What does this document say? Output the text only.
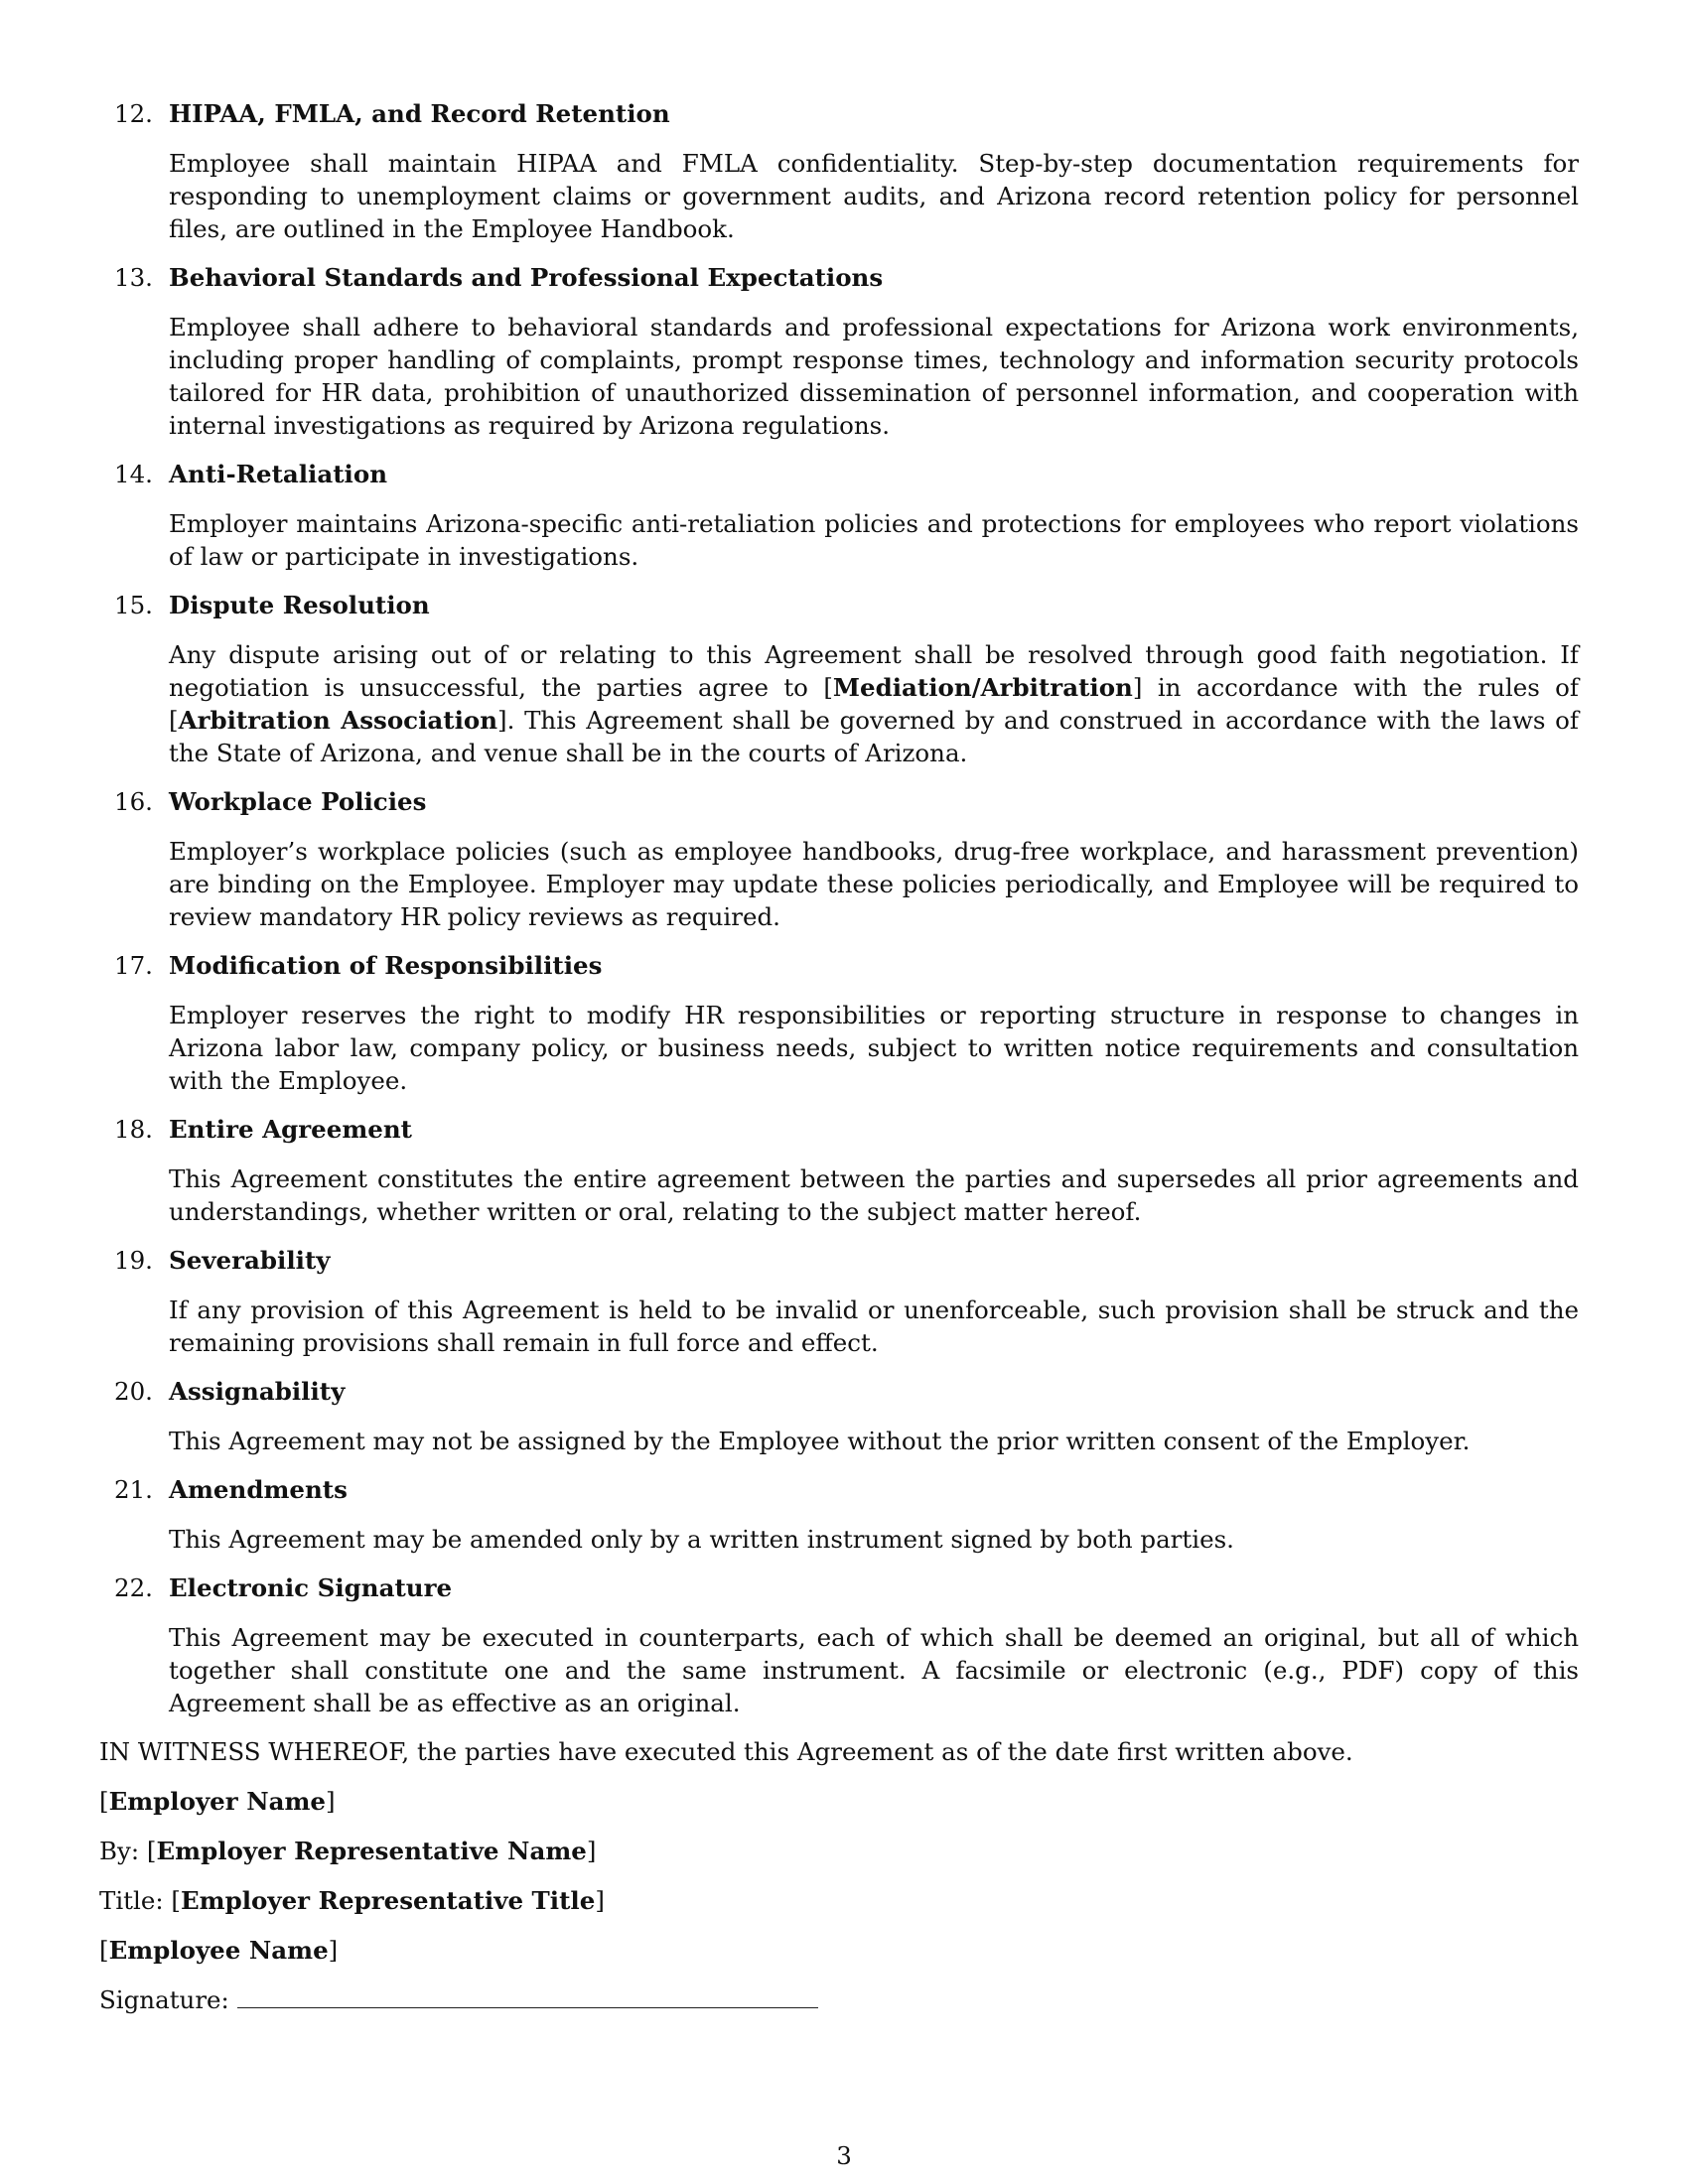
12. HIPAA, FMLA, and Record Retention
Employee shall maintain HIPAA and FMLA confidentiality. Step-by-step documentation requirements for responding to unemployment claims or government audits, and Arizona record retention policy for personnel files, are outlined in the Employee Handbook.
13. Behavioral Standards and Professional Expectations
Employee shall adhere to behavioral standards and professional expectations for Arizona work environments, including proper handling of complaints, prompt response times, technology and information security protocols tailored for HR data, prohibition of unauthorized dissemination of personnel information, and cooperation with internal investigations as required by Arizona regulations.
14. Anti-Retaliation
Employer maintains Arizona-specific anti-retaliation policies and protections for employees who report violations of law or participate in investigations.
15. Dispute Resolution
Any dispute arising out of or relating to this Agreement shall be resolved through good faith negotiation. If negotiation is unsuccessful, the parties agree to [Mediation/Arbitration] in accordance with the rules of [Arbitration Association]. This Agreement shall be governed by and construed in accordance with the laws of the State of Arizona, and venue shall be in the courts of Arizona.
16. Workplace Policies
Employer’s workplace policies (such as employee handbooks, drug-free workplace, and harassment prevention) are binding on the Employee. Employer may update these policies periodically, and Employee will be required to review mandatory HR policy reviews as required.
17. Modification of Responsibilities
Employer reserves the right to modify HR responsibilities or reporting structure in response to changes in Arizona labor law, company policy, or business needs, subject to written notice requirements and consultation with the Employee.
18. Entire Agreement
This Agreement constitutes the entire agreement between the parties and supersedes all prior agreements and understandings, whether written or oral, relating to the subject matter hereof.
19. Severability
If any provision of this Agreement is held to be invalid or unenforceable, such provision shall be struck and the remaining provisions shall remain in full force and effect.
20. Assignability
This Agreement may not be assigned by the Employee without the prior written consent of the Employer.
21. Amendments
This Agreement may be amended only by a written instrument signed by both parties.
22. Electronic Signature
This Agreement may be executed in counterparts, each of which shall be deemed an original, but all of which together shall constitute one and the same instrument. A facsimile or electronic (e.g., PDF) copy of this Agreement shall be as effective as an original.
IN WITNESS WHEREOF, the parties have executed this Agreement as of the date first written above.
[Employer Name]
By: [Employer Representative Name]
Title: [Employer Representative Title]
[Employee Name]
Signature:
3
